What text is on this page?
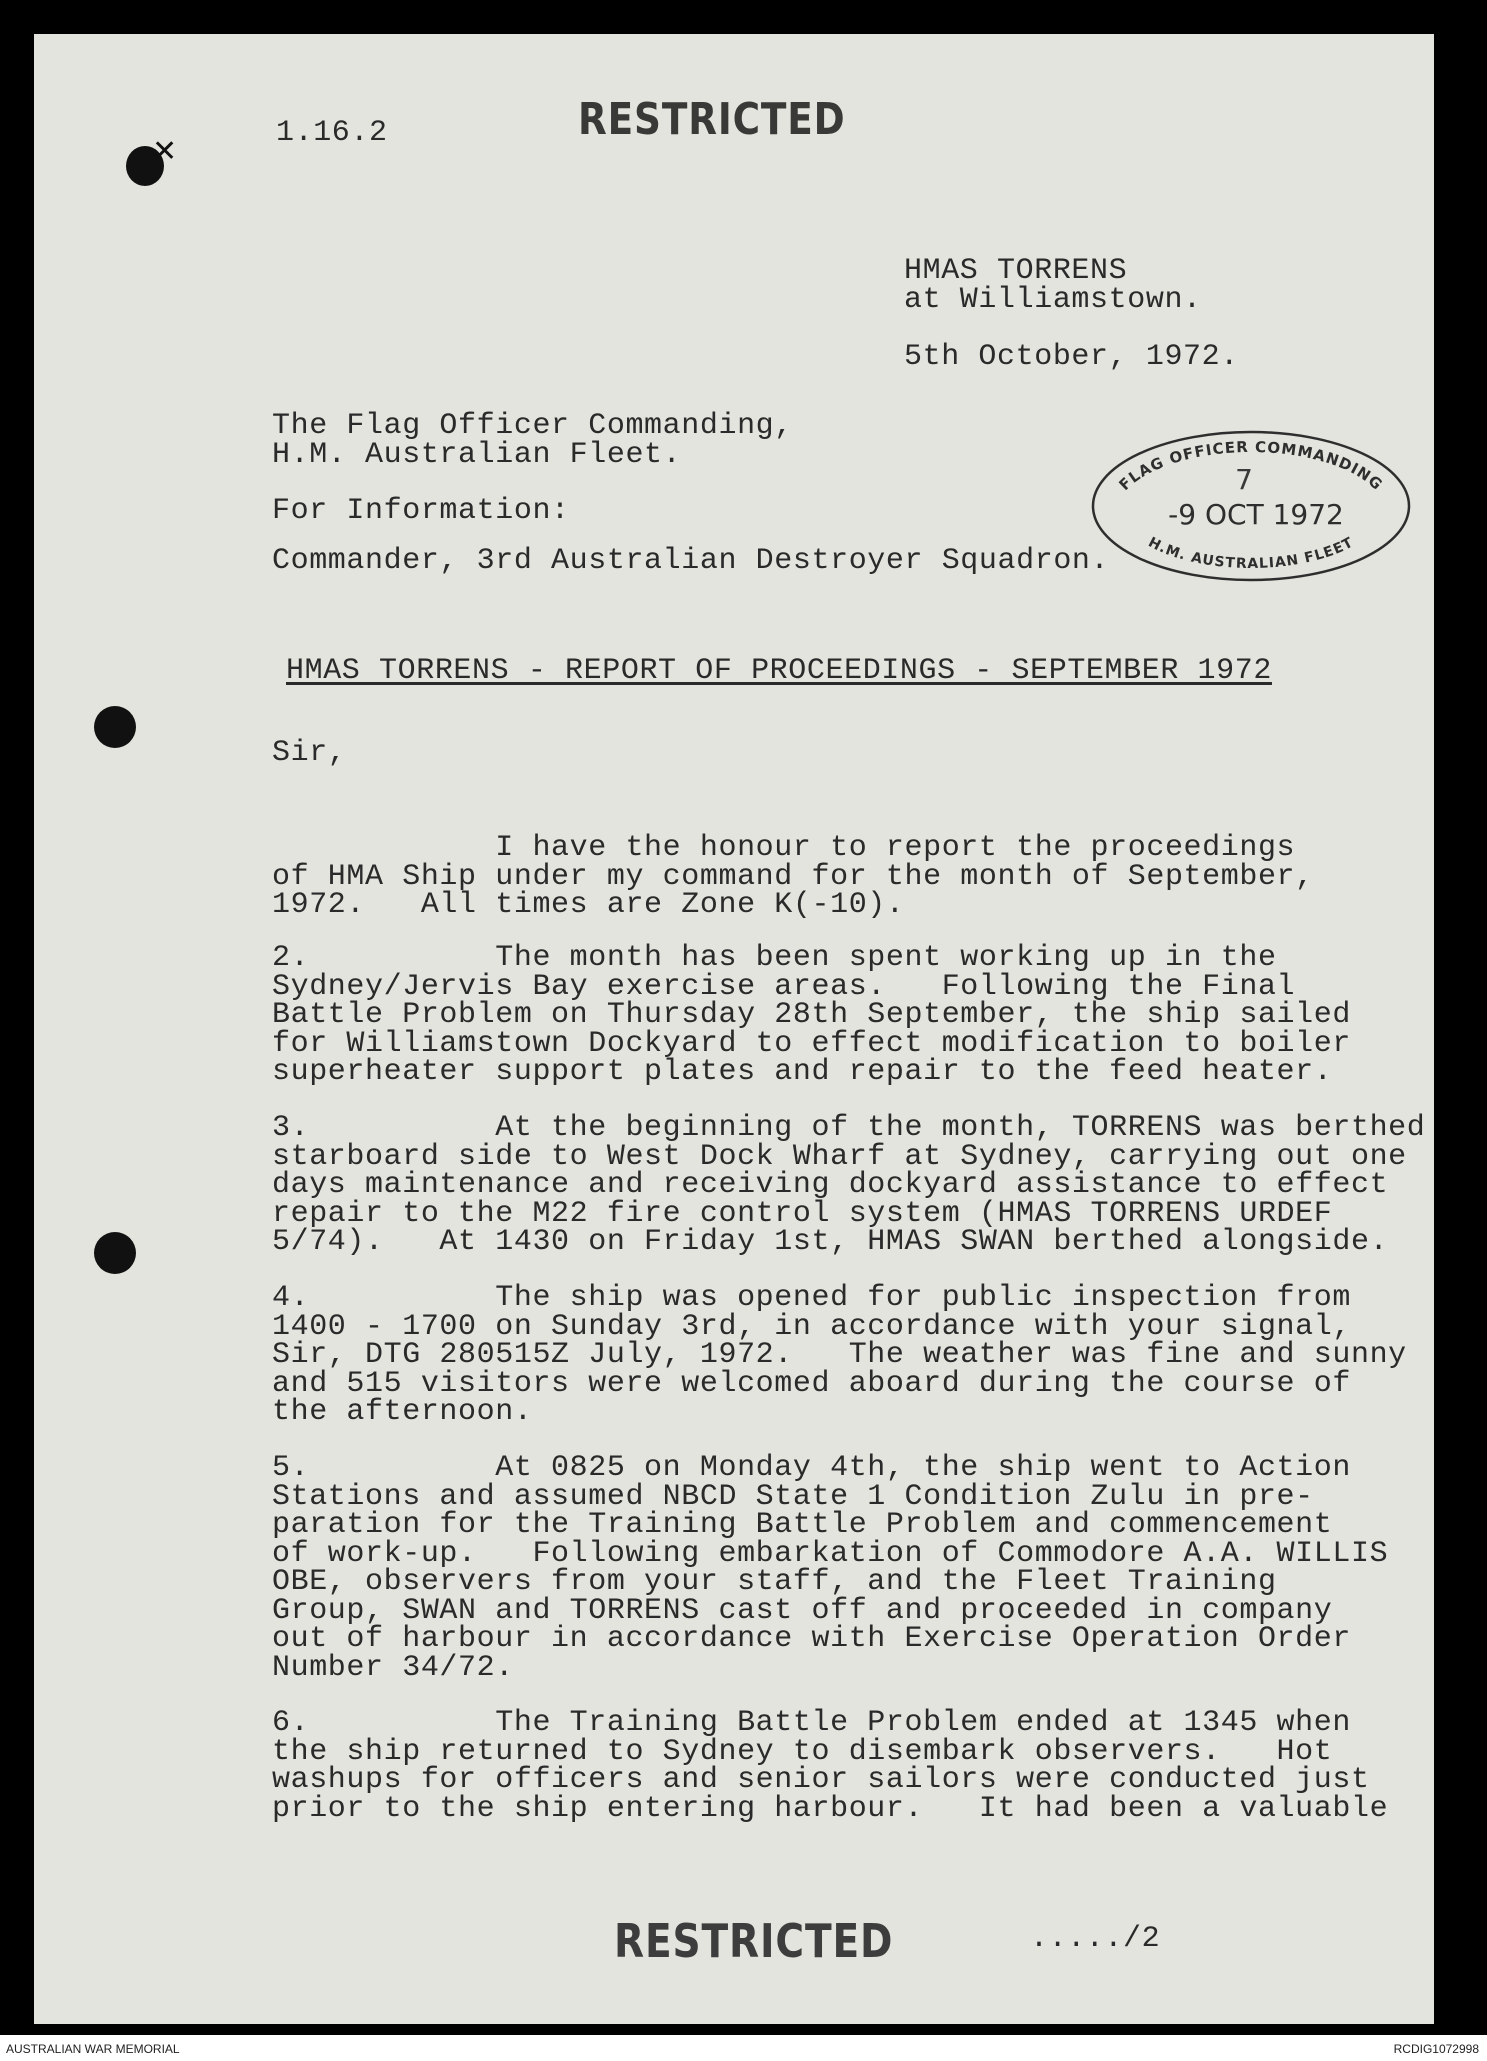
✕
1.16.2	RESTRICTED
HMAS TORRENS
at Williamstown.
5th October, 1972.
The Flag Officer Commanding,
H.M. Australian Fleet.
For Information:
Commander, 3rd Australian Destroyer Squadron.
FLAG OFFICER COMMANDING
H.M. AUSTRALIAN FLEET
7
-9 OCT 1972
HMAS TORRENS - REPORT OF PROCEEDINGS - SEPTEMBER 1972
Sir,
I have the honour to report the proceedings
of HMA Ship under my command for the month of September,
1972.   All times are Zone K(-10).
2.          The month has been spent working up in the
Sydney/Jervis Bay exercise areas.   Following the Final
Battle Problem on Thursday 28th September, the ship sailed
for Williamstown Dockyard to effect modification to boiler
superheater support plates and repair to the feed heater.
3.          At the beginning of the month, TORRENS was berthed
starboard side to West Dock Wharf at Sydney, carrying out one
days maintenance and receiving dockyard assistance to effect
repair to the M22 fire control system (HMAS TORRENS URDEF
5/74).   At 1430 on Friday 1st, HMAS SWAN berthed alongside.
4.          The ship was opened for public inspection from
1400 - 1700 on Sunday 3rd, in accordance with your signal,
Sir, DTG 280515Z July, 1972.   The weather was fine and sunny
and 515 visitors were welcomed aboard during the course of
the afternoon.
5.          At 0825 on Monday 4th, the ship went to Action
Stations and assumed NBCD State 1 Condition Zulu in pre-
paration for the Training Battle Problem and commencement
of work-up.   Following embarkation of Commodore A.A. WILLIS
OBE, observers from your staff, and the Fleet Training
Group, SWAN and TORRENS cast off and proceeded in company
out of harbour in accordance with Exercise Operation Order
Number 34/72.
6.          The Training Battle Problem ended at 1345 when
the ship returned to Sydney to disembark observers.   Hot
washups for officers and senior sailors were conducted just
prior to the ship entering harbour.   It had been a valuable
RESTRICTED	...../2
AUSTRALIAN WAR MEMORIAL	RCDIG1072998
